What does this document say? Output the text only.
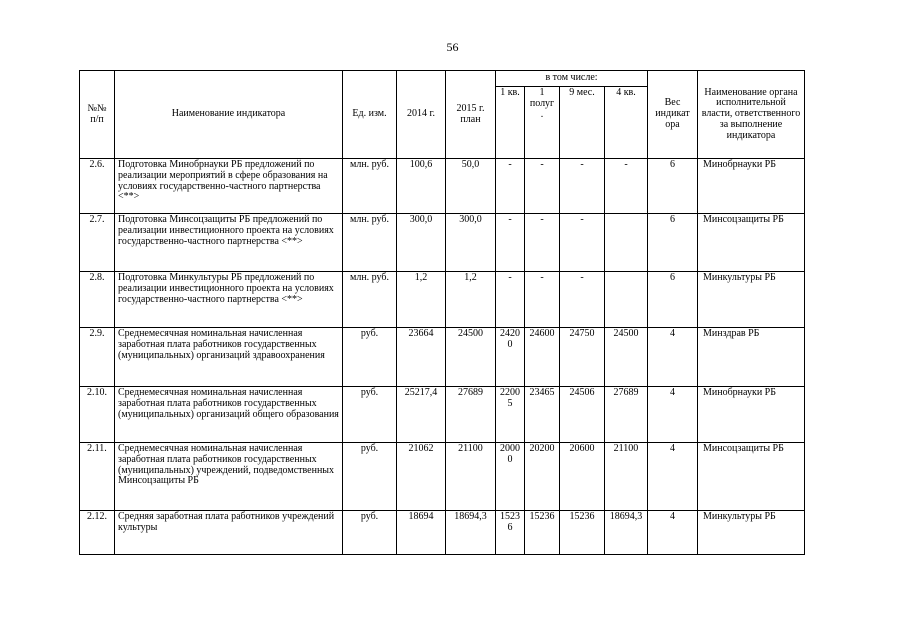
56
№№ п/п	Наименование индикатора	Ед. изм.	2014 г.	2015 г. план	в том числе:				Вес индикат ора	Наименование органа исполнительной власти, ответственного за выполнение индикатора
					1 кв.	1 полуг .	9 мес.	4 кв.		
2.6.	Подготовка Минобрнауки РБ предложений по реализации мероприятий в сфере образования на условиях государственно-частного партнерства <**>	млн. руб.	100,6	50,0	-	-	-	-	6	Минобрнауки РБ
2.7.	Подготовка Минсоцзащиты РБ предложений по реализации инвестиционного проекта на условиях государственно-частного партнерства <**>	млн. руб.	300,0	300,0	-	-	-		6	Минсоцзащиты РБ
2.8.	Подготовка Минкультуры РБ предложений по реализации инвестиционного проекта на условиях государственно-частного партнерства <**>	млн. руб.	1,2	1,2	-	-	-		6	Минкультуры РБ
2.9.	Среднемесячная номинальная начисленная заработная плата работников государственных (муниципальных) организаций здравоохранения	руб.	23664	24500	24200	24600	24750	24500	4	Минздрав РБ
2.10.	Среднемесячная номинальная начисленная заработная плата работников государственных (муниципальных) организаций общего образования	руб.	25217,4	27689	22005	23465	24506	27689	4	Минобрнауки РБ
2.11.	Среднемесячная номинальная начисленная заработная плата работников государственных (муниципальных) учреждений, подведомственных Минсоцзащиты РБ	руб.	21062	21100	20000	20200	20600	21100	4	Минсоцзащиты РБ
2.12.	Средняя заработная плата работников учреждений культуры	руб.	18694	18694,3	15236	15236	15236	18694,3	4	Минкультуры РБ
